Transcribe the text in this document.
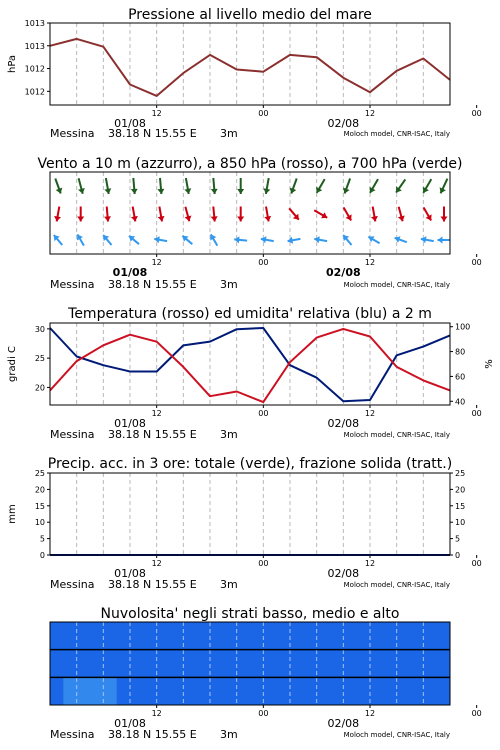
Pressione al livello medio del mare
Vento a 10 m (azzurro), a 850 hPa (rosso), a 700 hPa (verde)
Temperatura (rosso) ed umidita' relativa (blu) a 2 m
Precip. acc. in 3 ore: totale (verde), frazione solida (tratt.)
Nuvolosita' negli strati basso, medio e alto
hPa
gradi C	%
mm
Messina 38.18 N 15.55 E 3m	Moloch model, CNR-ISAC, Italy
Messina 38.18 N 15.55 E 3m	Moloch model, CNR-ISAC, Italy
Messina 38.18 N 15.55 E 3m	Moloch model, CNR-ISAC, Italy
Messina 38.18 N 15.55 E 3m	Moloch model, CNR-ISAC, Italy
Messina 38.18 N 15.55 E 3m	Moloch model, CNR-ISAC, Italy
12	00	12	00
01/08	02/08
1012
1012
1013
1013
12	00	12	00
01/08	02/08
12	00	12	00
01/08	02/08
20
25
30
40
60
80
100
12	00	12	00
01/08	02/08
0
5
10
15
20
25
0
5
10
15
20
25
12	00	12	00
01/08	02/08
